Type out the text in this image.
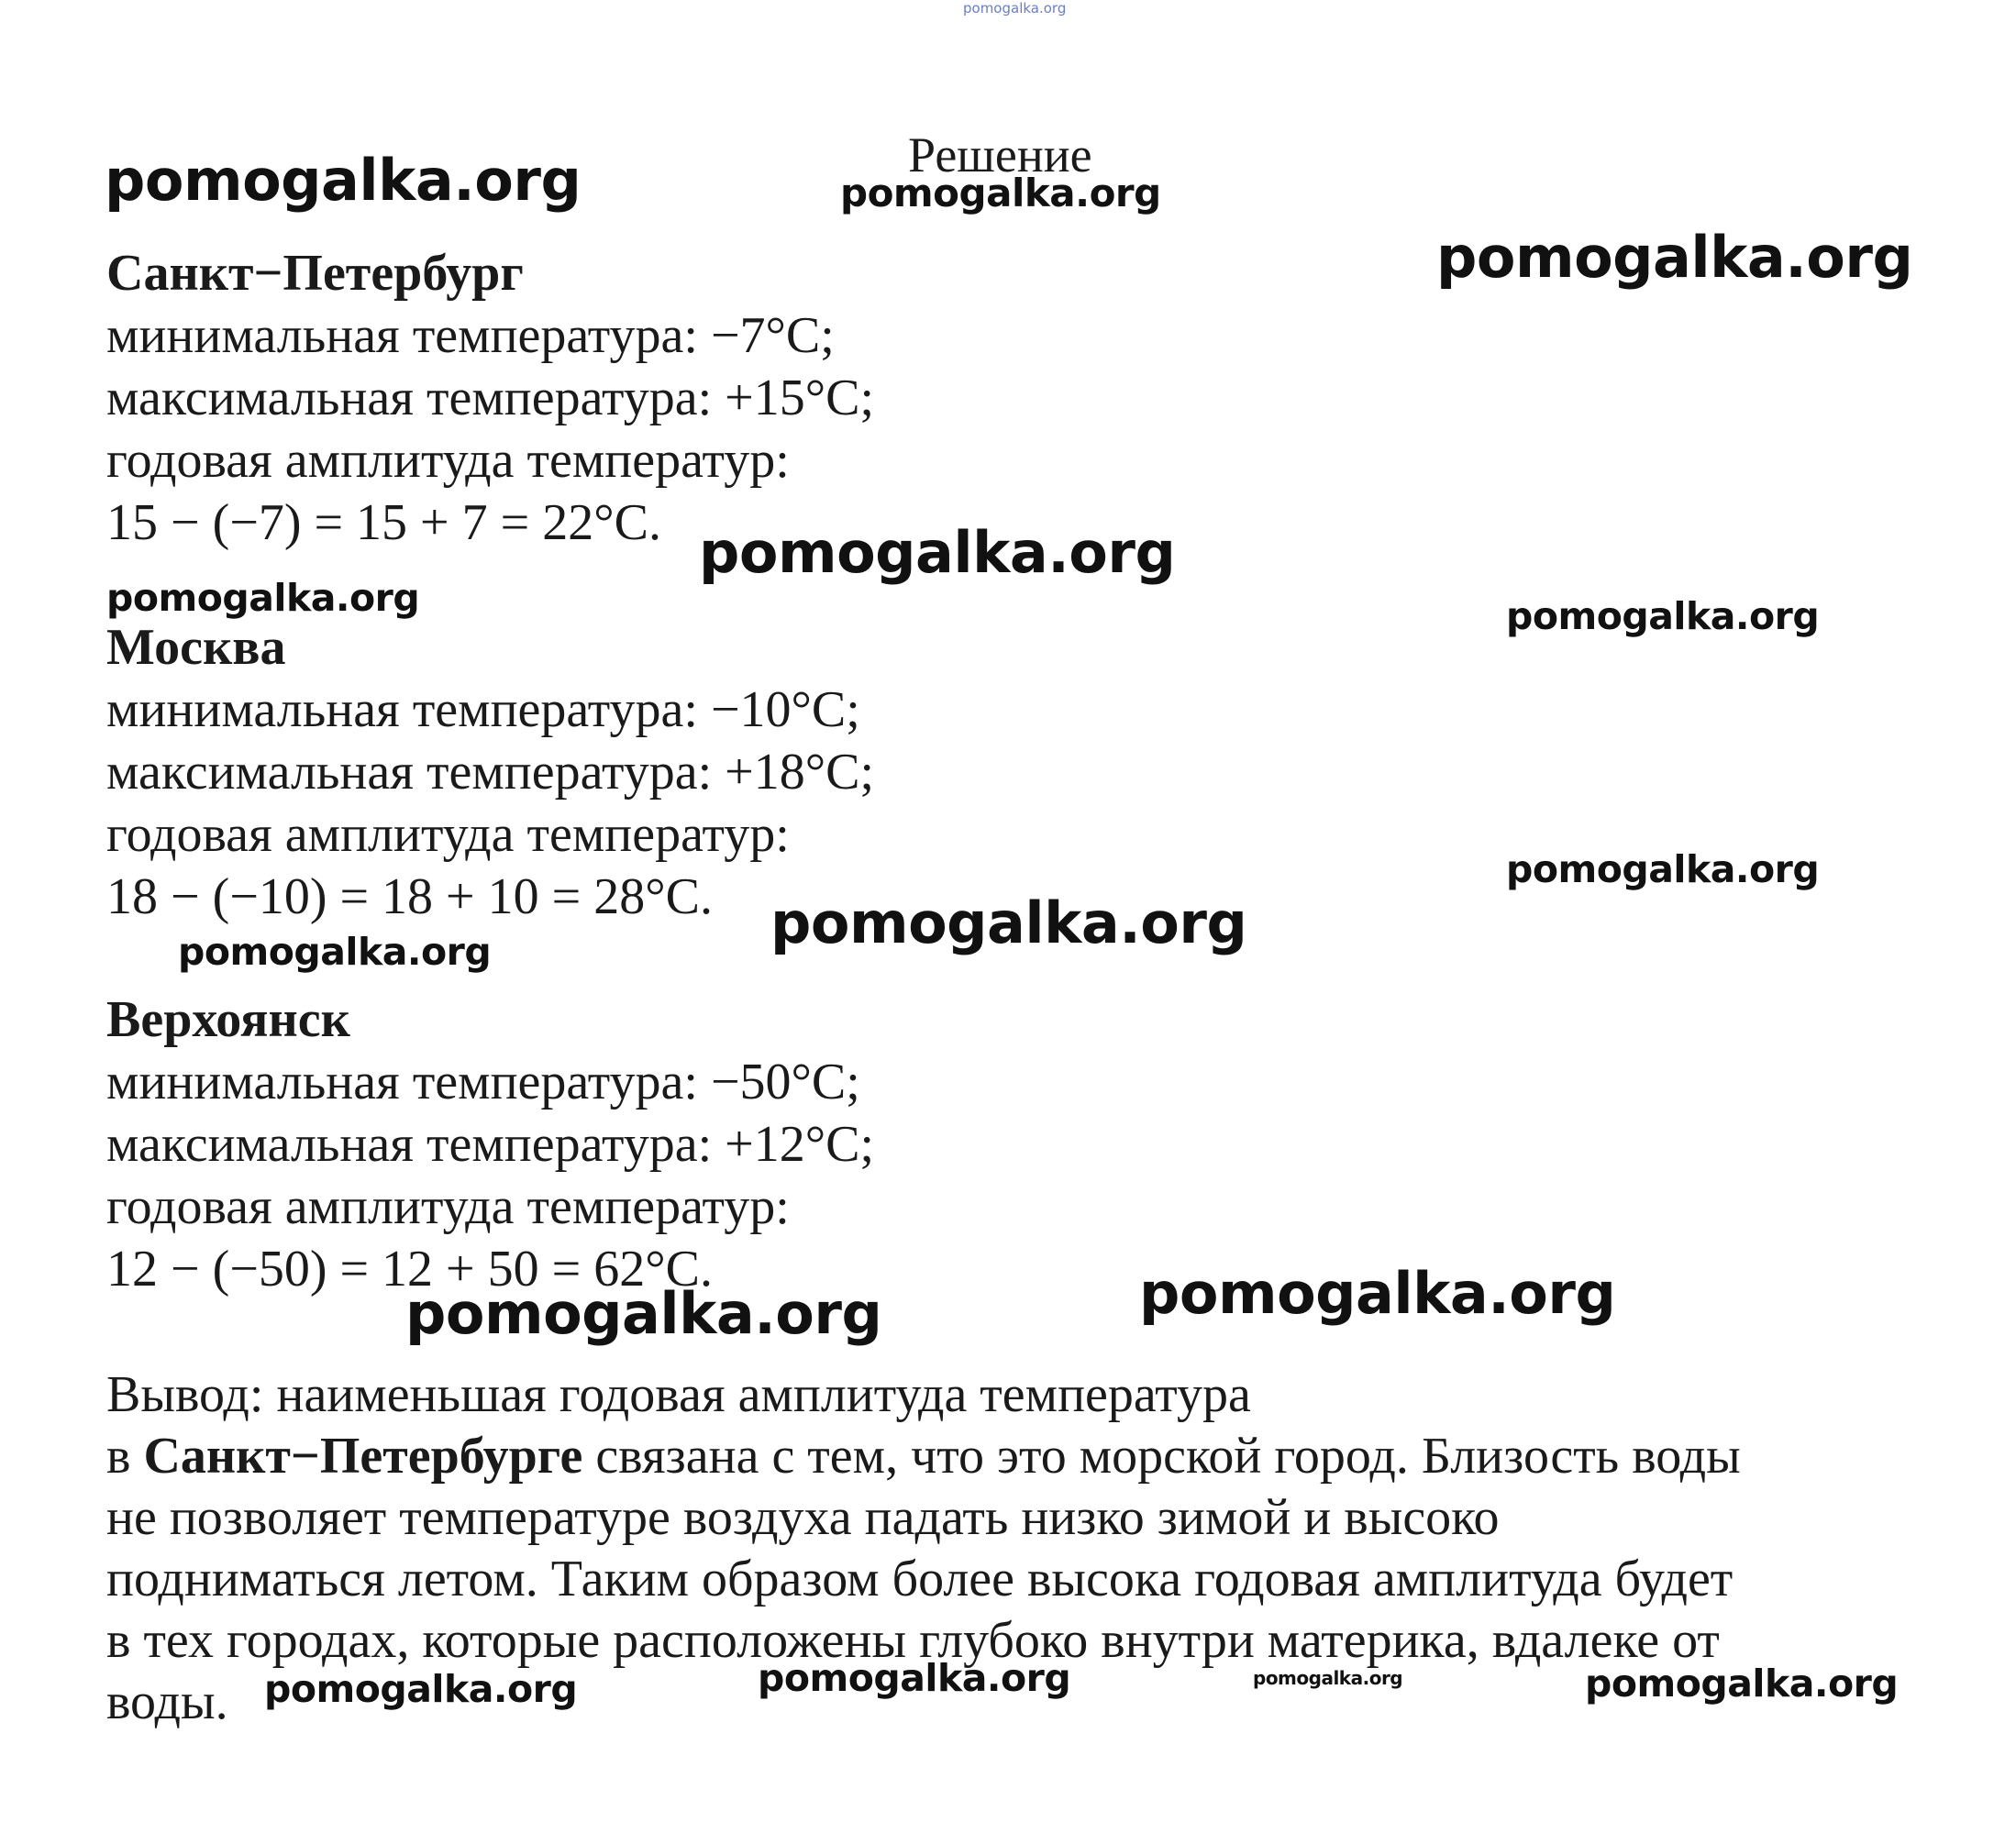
pomogalka.org
Решение
Санкт−Петербург
минимальная температура: −7°С;
максимальная температура: +15°С;
годовая амплитуда температур:
15 − (−7) = 15 + 7 = 22°С.
Москва
минимальная температура: −10°С;
максимальная температура: +18°С;
годовая амплитуда температур:
18 − (−10) = 18 + 10 = 28°С.
Верхоянск
минимальная температура: −50°С;
максимальная температура: +12°С;
годовая амплитуда температур:
12 − (−50) = 12 + 50 = 62°С.
Вывод: наименьшая годовая амплитуда температура
в Санкт−Петербурге связана с тем, что это морской город. Близость воды
не позволяет температуре воздуха падать низко зимой и высоко
подниматься летом. Таким образом более высока годовая амплитуда будет
в тех городах, которые расположены глубоко внутри материка, вдалеке от
воды.
pomogalka.org	pomogalka.org
pomogalka.org
pomogalka.org
pomogalka.org	pomogalka.org
pomogalka.org
pomogalka.org
pomogalka.org
pomogalka.org
pomogalka.org
pomogalka.org	pomogalka.org	pomogalka.org	pomogalka.org
